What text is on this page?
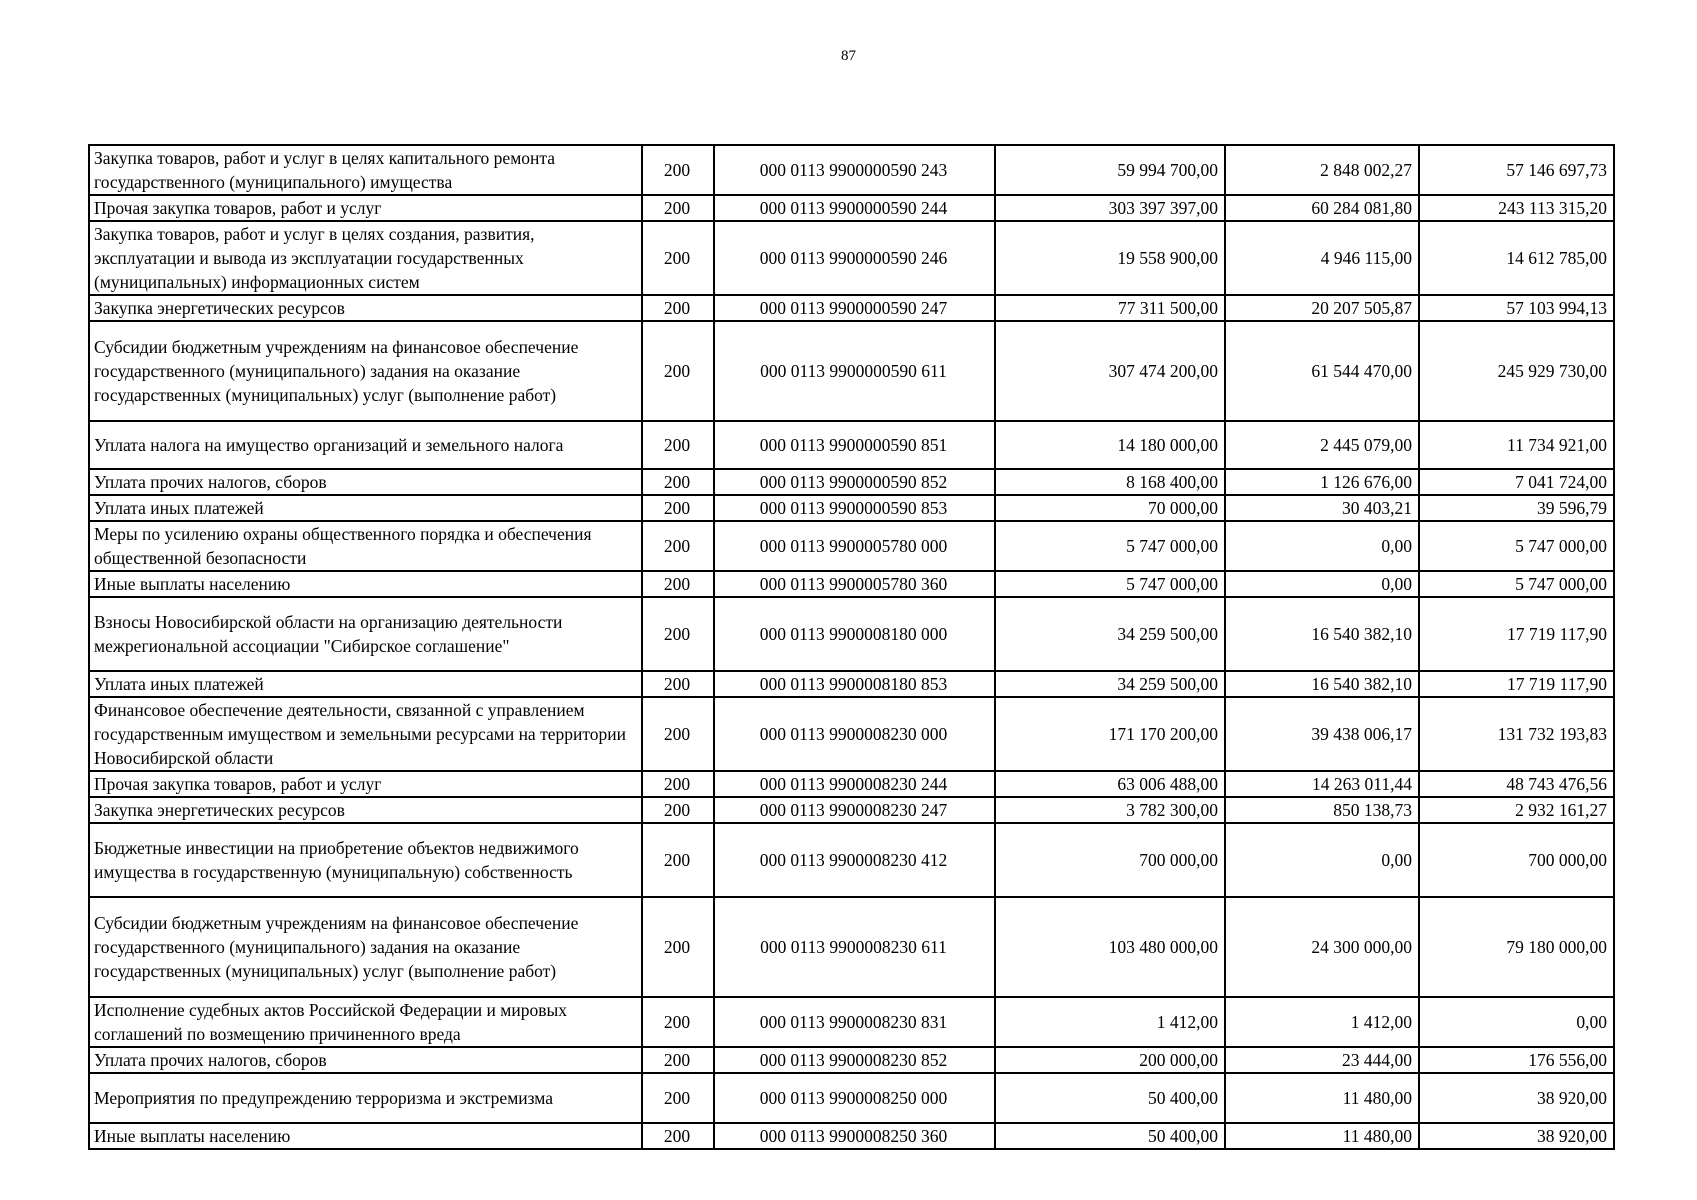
87
Закупка товаров, работ и услуг в целях капитального ремонта государственного (муниципального) имущества	200	000 0113 9900000590 243	59 994 700,00	2 848 002,27	57 146 697,73
Прочая закупка товаров, работ и услуг	200	000 0113 9900000590 244	303 397 397,00	60 284 081,80	243 113 315,20
Закупка товаров, работ и услуг в целях создания, развития, эксплуатации и вывода из эксплуатации государственных (муниципальных) информационных систем	200	000 0113 9900000590 246	19 558 900,00	4 946 115,00	14 612 785,00
Закупка энергетических ресурсов	200	000 0113 9900000590 247	77 311 500,00	20 207 505,87	57 103 994,13
Субсидии бюджетным учреждениям на финансовое обеспечение государственного (муниципального) задания на оказание государственных (муниципальных) услуг (выполнение работ)	200	000 0113 9900000590 611	307 474 200,00	61 544 470,00	245 929 730,00
Уплата налога на имущество организаций и земельного налога	200	000 0113 9900000590 851	14 180 000,00	2 445 079,00	11 734 921,00
Уплата прочих налогов, сборов	200	000 0113 9900000590 852	8 168 400,00	1 126 676,00	7 041 724,00
Уплата иных платежей	200	000 0113 9900000590 853	70 000,00	30 403,21	39 596,79
Меры по усилению охраны общественного порядка и обеспечения общественной безопасности	200	000 0113 9900005780 000	5 747 000,00	0,00	5 747 000,00
Иные выплаты населению	200	000 0113 9900005780 360	5 747 000,00	0,00	5 747 000,00
Взносы Новосибирской области на организацию деятельности межрегиональной ассоциации "Сибирское соглашение"	200	000 0113 9900008180 000	34 259 500,00	16 540 382,10	17 719 117,90
Уплата иных платежей	200	000 0113 9900008180 853	34 259 500,00	16 540 382,10	17 719 117,90
Финансовое обеспечение деятельности, связанной с управлением государственным имуществом и земельными ресурсами на территории Новосибирской области	200	000 0113 9900008230 000	171 170 200,00	39 438 006,17	131 732 193,83
Прочая закупка товаров, работ и услуг	200	000 0113 9900008230 244	63 006 488,00	14 263 011,44	48 743 476,56
Закупка энергетических ресурсов	200	000 0113 9900008230 247	3 782 300,00	850 138,73	2 932 161,27
Бюджетные инвестиции на приобретение объектов недвижимого имущества в государственную (муниципальную) собственность	200	000 0113 9900008230 412	700 000,00	0,00	700 000,00
Субсидии бюджетным учреждениям на финансовое обеспечение государственного (муниципального) задания на оказание государственных (муниципальных) услуг (выполнение работ)	200	000 0113 9900008230 611	103 480 000,00	24 300 000,00	79 180 000,00
Исполнение судебных актов Российской Федерации и мировых соглашений по возмещению причиненного вреда	200	000 0113 9900008230 831	1 412,00	1 412,00	0,00
Уплата прочих налогов, сборов	200	000 0113 9900008230 852	200 000,00	23 444,00	176 556,00
Мероприятия по предупреждению терроризма и экстремизма	200	000 0113 9900008250 000	50 400,00	11 480,00	38 920,00
Иные выплаты населению	200	000 0113 9900008250 360	50 400,00	11 480,00	38 920,00
